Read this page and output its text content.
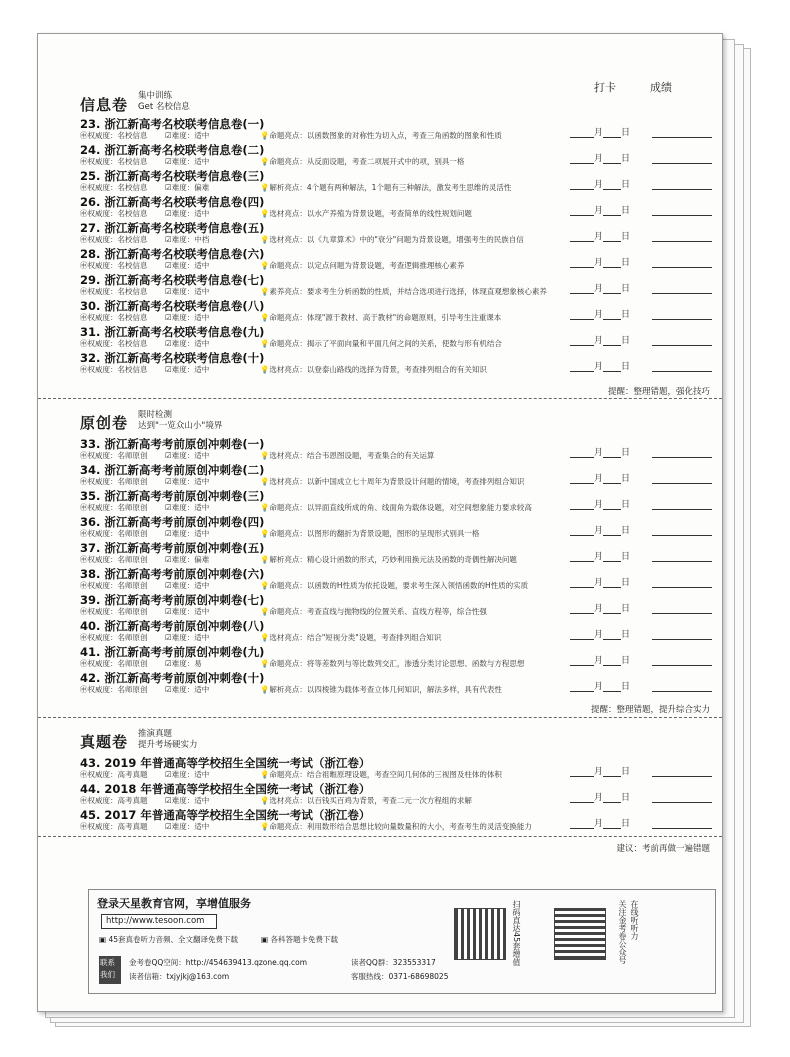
打卡	成绩
信息卷 集中训练
Get 名校信息
23. 浙江新高考名校联考信息卷(一)
㊥权威度：名校信息 ☑难度：适中	💡命题亮点：以函数图象的对称性为切入点，考查三角函数的图象和性质	月 日
24. 浙江新高考名校联考信息卷(二)
㊥权威度：名校信息 ☑难度：适中	💡命题亮点：从反面设题，考查二项展开式中的项，别具一格	月 日
25. 浙江新高考名校联考信息卷(三)
㊥权威度：名校信息 ☑难度：偏难	💡解析亮点：4个题有两种解法，1个题有三种解法，激发考生思维的灵活性	月 日
26. 浙江新高考名校联考信息卷(四)
㊥权威度：名校信息 ☑难度：适中	💡选材亮点：以水产养殖为背景设题，考查简单的线性规划问题	月 日
27. 浙江新高考名校联考信息卷(五)
㊥权威度：名校信息 ☑难度：中档	💡选材亮点：以《九章算术》中的"衰分"问题为背景设题，增强考生的民族自信	月 日
28. 浙江新高考名校联考信息卷(六)
㊥权威度：名校信息 ☑难度：适中	💡命题亮点：以定点问题为背景设题，考查逻辑推理核心素养	月 日
29. 浙江新高考名校联考信息卷(七)
㊥权威度：名校信息 ☑难度：适中	💡素养亮点：要求考生分析函数的性质，并结合选项进行选择，体现直观想象核心素养	月 日
30. 浙江新高考名校联考信息卷(八)
㊥权威度：名校信息 ☑难度：适中	💡命题亮点：体现"源于教材、高于教材"的命题原则，引导考生注重课本	月 日
31. 浙江新高考名校联考信息卷(九)
㊥权威度：名校信息 ☑难度：适中	💡命题亮点：揭示了平面向量和平面几何之间的关系，使数与形有机结合	月 日
32. 浙江新高考名校联考信息卷(十)
㊥权威度：名校信息 ☑难度：适中	💡选材亮点：以登泰山路线的选择为背景，考查排列组合的有关知识	月 日
提醒：整理错题，强化技巧
原创卷 限时检测
达到"一览众山小"境界
33. 浙江新高考考前原创冲刺卷(一)
㊥权威度：名师原创 ☑难度：适中	💡选材亮点：结合韦恩图设题，考查集合的有关运算	月 日
34. 浙江新高考考前原创冲刺卷(二)
㊥权威度：名师原创 ☑难度：适中	💡选材亮点：以新中国成立七十周年为背景设计问题的情境，考查排列组合知识	月 日
35. 浙江新高考考前原创冲刺卷(三)
㊥权威度：名师原创 ☑难度：适中	💡命题亮点：以异面直线所成的角、线面角为载体设题，对空间想象能力要求较高	月 日
36. 浙江新高考考前原创冲刺卷(四)
㊥权威度：名师原创 ☑难度：适中	💡命题亮点：以图形的翻折为背景设题，图形的呈现形式别具一格	月 日
37. 浙江新高考考前原创冲刺卷(五)
㊥权威度：名师原创 ☑难度：偏难	💡解析亮点：精心设计函数的形式，巧妙利用换元法及函数的奇偶性解决问题	月 日
38. 浙江新高考考前原创冲刺卷(六)
㊥权威度：名师原创 ☑难度：适中	💡命题亮点：以函数的H性质为依托设题，要求考生深入领悟函数的H性质的实质	月 日
39. 浙江新高考考前原创冲刺卷(七)
㊥权威度：名师原创 ☑难度：适中	💡命题亮点：考查直线与抛物线的位置关系、直线方程等，综合性强	月 日
40. 浙江新高考考前原创冲刺卷(八)
㊥权威度：名师原创 ☑难度：适中	💡选材亮点：结合"短视分类"设题，考查排列组合知识	月 日
41. 浙江新高考考前原创冲刺卷(九)
㊥权威度：名师原创 ☑难度：易	💡命题亮点：将等差数列与等比数列交汇，渗透分类讨论思想、函数与方程思想	月 日
42. 浙江新高考考前原创冲刺卷(十)
㊥权威度：名师原创 ☑难度：适中	💡解析亮点：以四棱锥为载体考查立体几何知识，解法多样，具有代表性	月 日
提醒：整理错题，提升综合实力
真题卷 推演真题
提升考场硬实力
43. 2019 年普通高等学校招生全国统一考试（浙江卷）
㊥权威度：高考真题 ☑难度：适中	💡命题亮点：结合祖暅原理设题，考查空间几何体的三视图及柱体的体积	月 日
44. 2018 年普通高等学校招生全国统一考试（浙江卷）
㊥权威度：高考真题 ☑难度：适中	💡选材亮点：以百钱买百鸡为背景，考查二元一次方程组的求解	月 日
45. 2017 年普通高等学校招生全国统一考试（浙江卷）
㊥权威度：高考真题 ☑难度：适中	💡命题亮点：利用数形结合思想比较向量数量积的大小，考查考生的灵活变换能力	月 日
建议：考前再做一遍错题
登录天星教育官网，享增值服务
http://www.tesoon.com
▣ 45套真卷听力音频、全文翻译免费下载	▣ 各科答题卡免费下载
联系我们
金考卷QQ空间：http://454639413.qzone.qq.com
读者信箱：txjyjkj@163.com
读者QQ群：323553317
客服热线：0371-68698025
扫码直达45套增值	关注金考卷公众号 在线听听力
